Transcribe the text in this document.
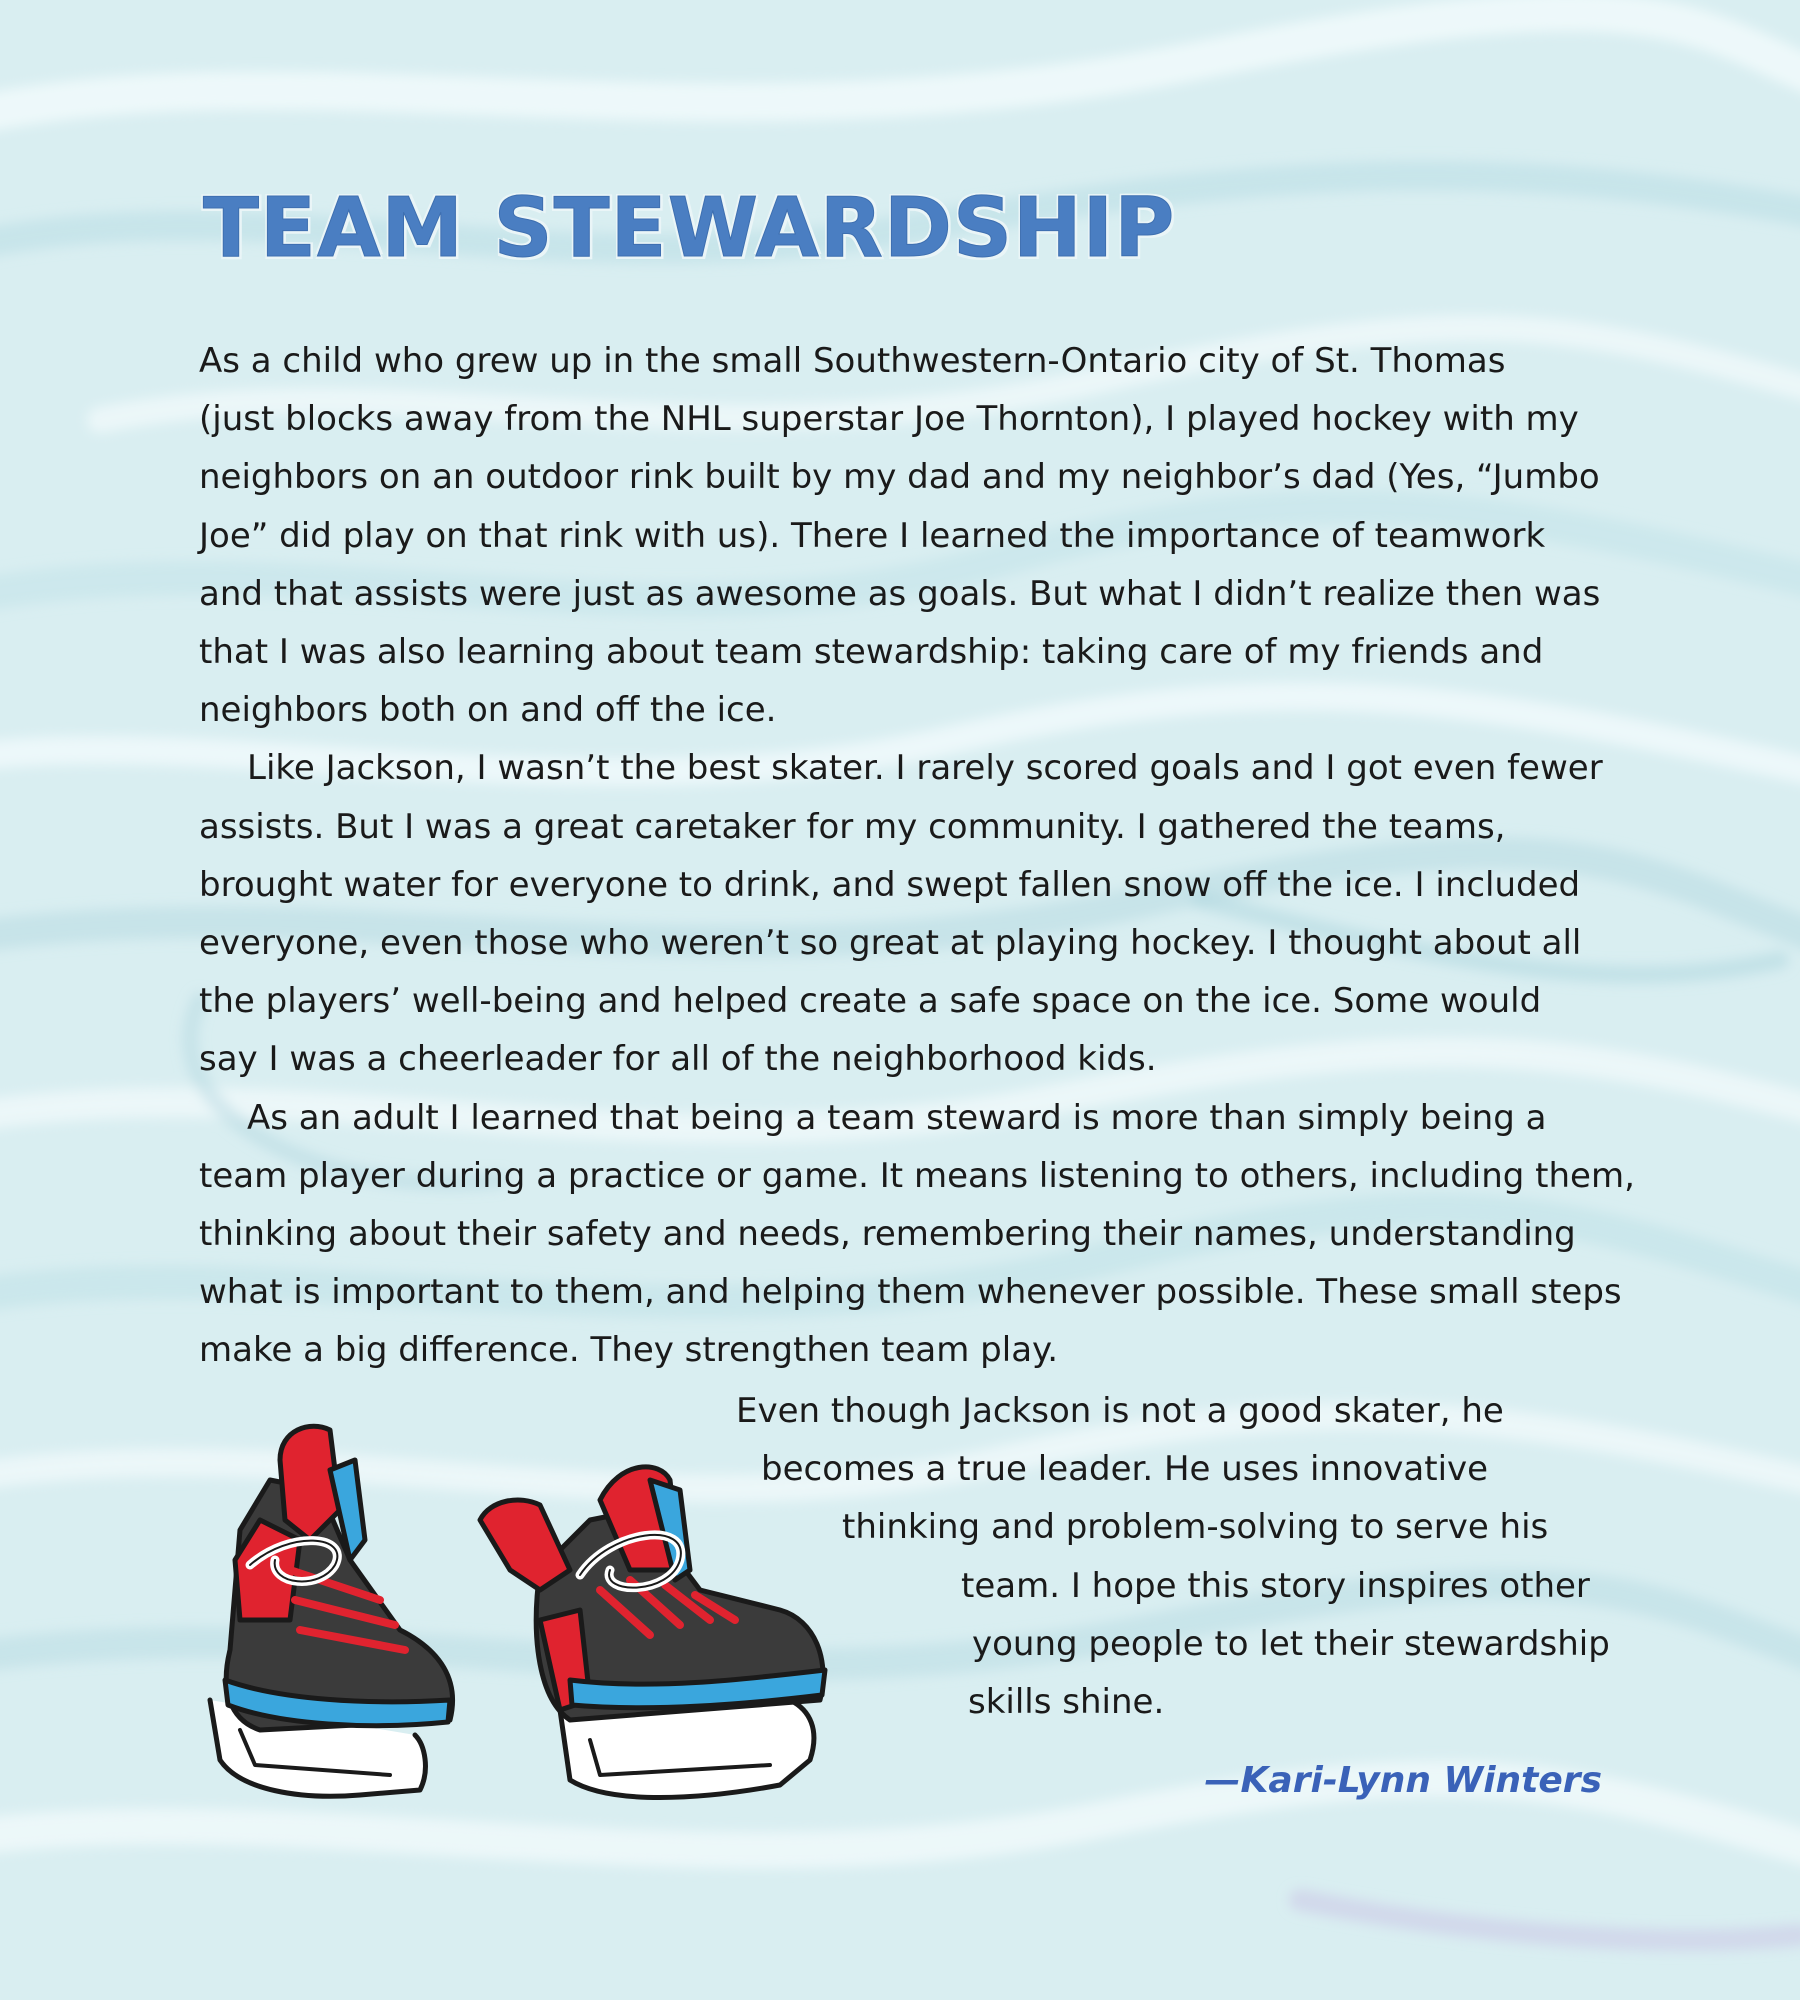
TEAM STEWARDSHIP

As a child who grew up in the small Southwestern-Ontario city of St. Thomas
(just blocks away from the NHL superstar Joe Thornton), I played hockey with my
neighbors on an outdoor rink built by my dad and my neighbor’s dad (Yes, “Jumbo
Joe” did play on that rink with us). There I learned the importance of teamwork
and that assists were just as awesome as goals. But what I didn’t realize then was
that I was also learning about team stewardship: taking care of my friends and
neighbors both on and off the ice.

Like Jackson, I wasn’t the best skater. I rarely scored goals and I got even fewer
assists. But I was a great caretaker for my community. I gathered the teams,
brought water for everyone to drink, and swept fallen snow off the ice. I included
everyone, even those who weren’t so great at playing hockey. I thought about all
the players’ well-being and helped create a safe space on the ice. Some would
say I was a cheerleader for all of the neighborhood kids.

As an adult I learned that being a team steward is more than simply being a
team player during a practice or game. It means listening to others, including them,
thinking about their safety and needs, remembering their names, understanding
what is important to them, and helping them whenever possible. These small steps
make a big difference. They strengthen team play.

Even though Jackson is not a good skater, he
becomes a true leader. He uses innovative
thinking and problem-solving to serve his
team. I hope this story inspires other
young people to let their stewardship
skills shine.
—Kari-Lynn Winters
